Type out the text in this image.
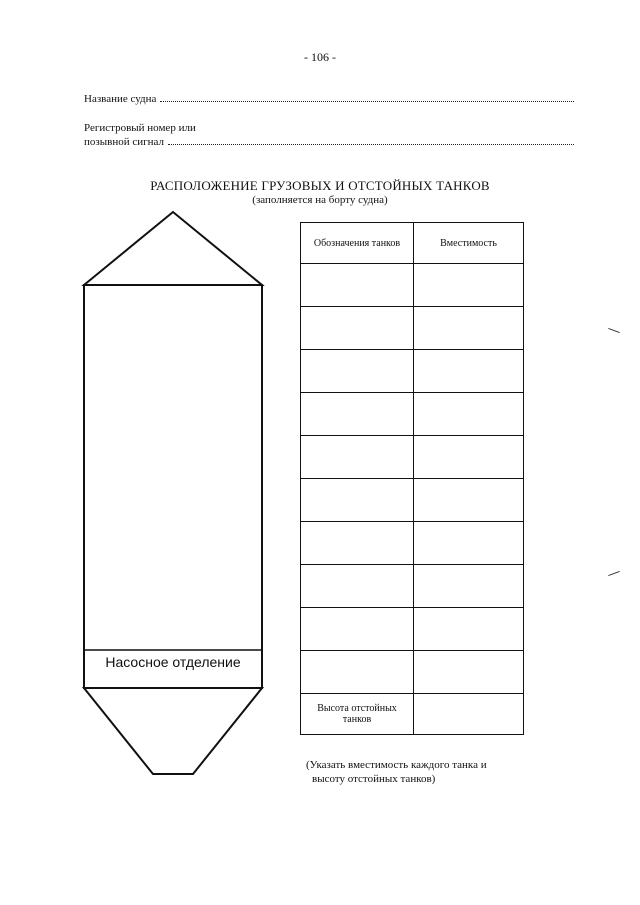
- 106 -
Название судна
Регистровый номер или
позывной сигнал
РАСПОЛОЖЕНИЕ ГРУЗОВЫХ И ОТСТОЙНЫХ ТАНКОВ
(заполняется на борту судна)
Насосное отделение
Обозначения танков	Вместимость

Высота отстойных танков	
(Указать вместимость каждого танка и
высоту отстойных танков)
